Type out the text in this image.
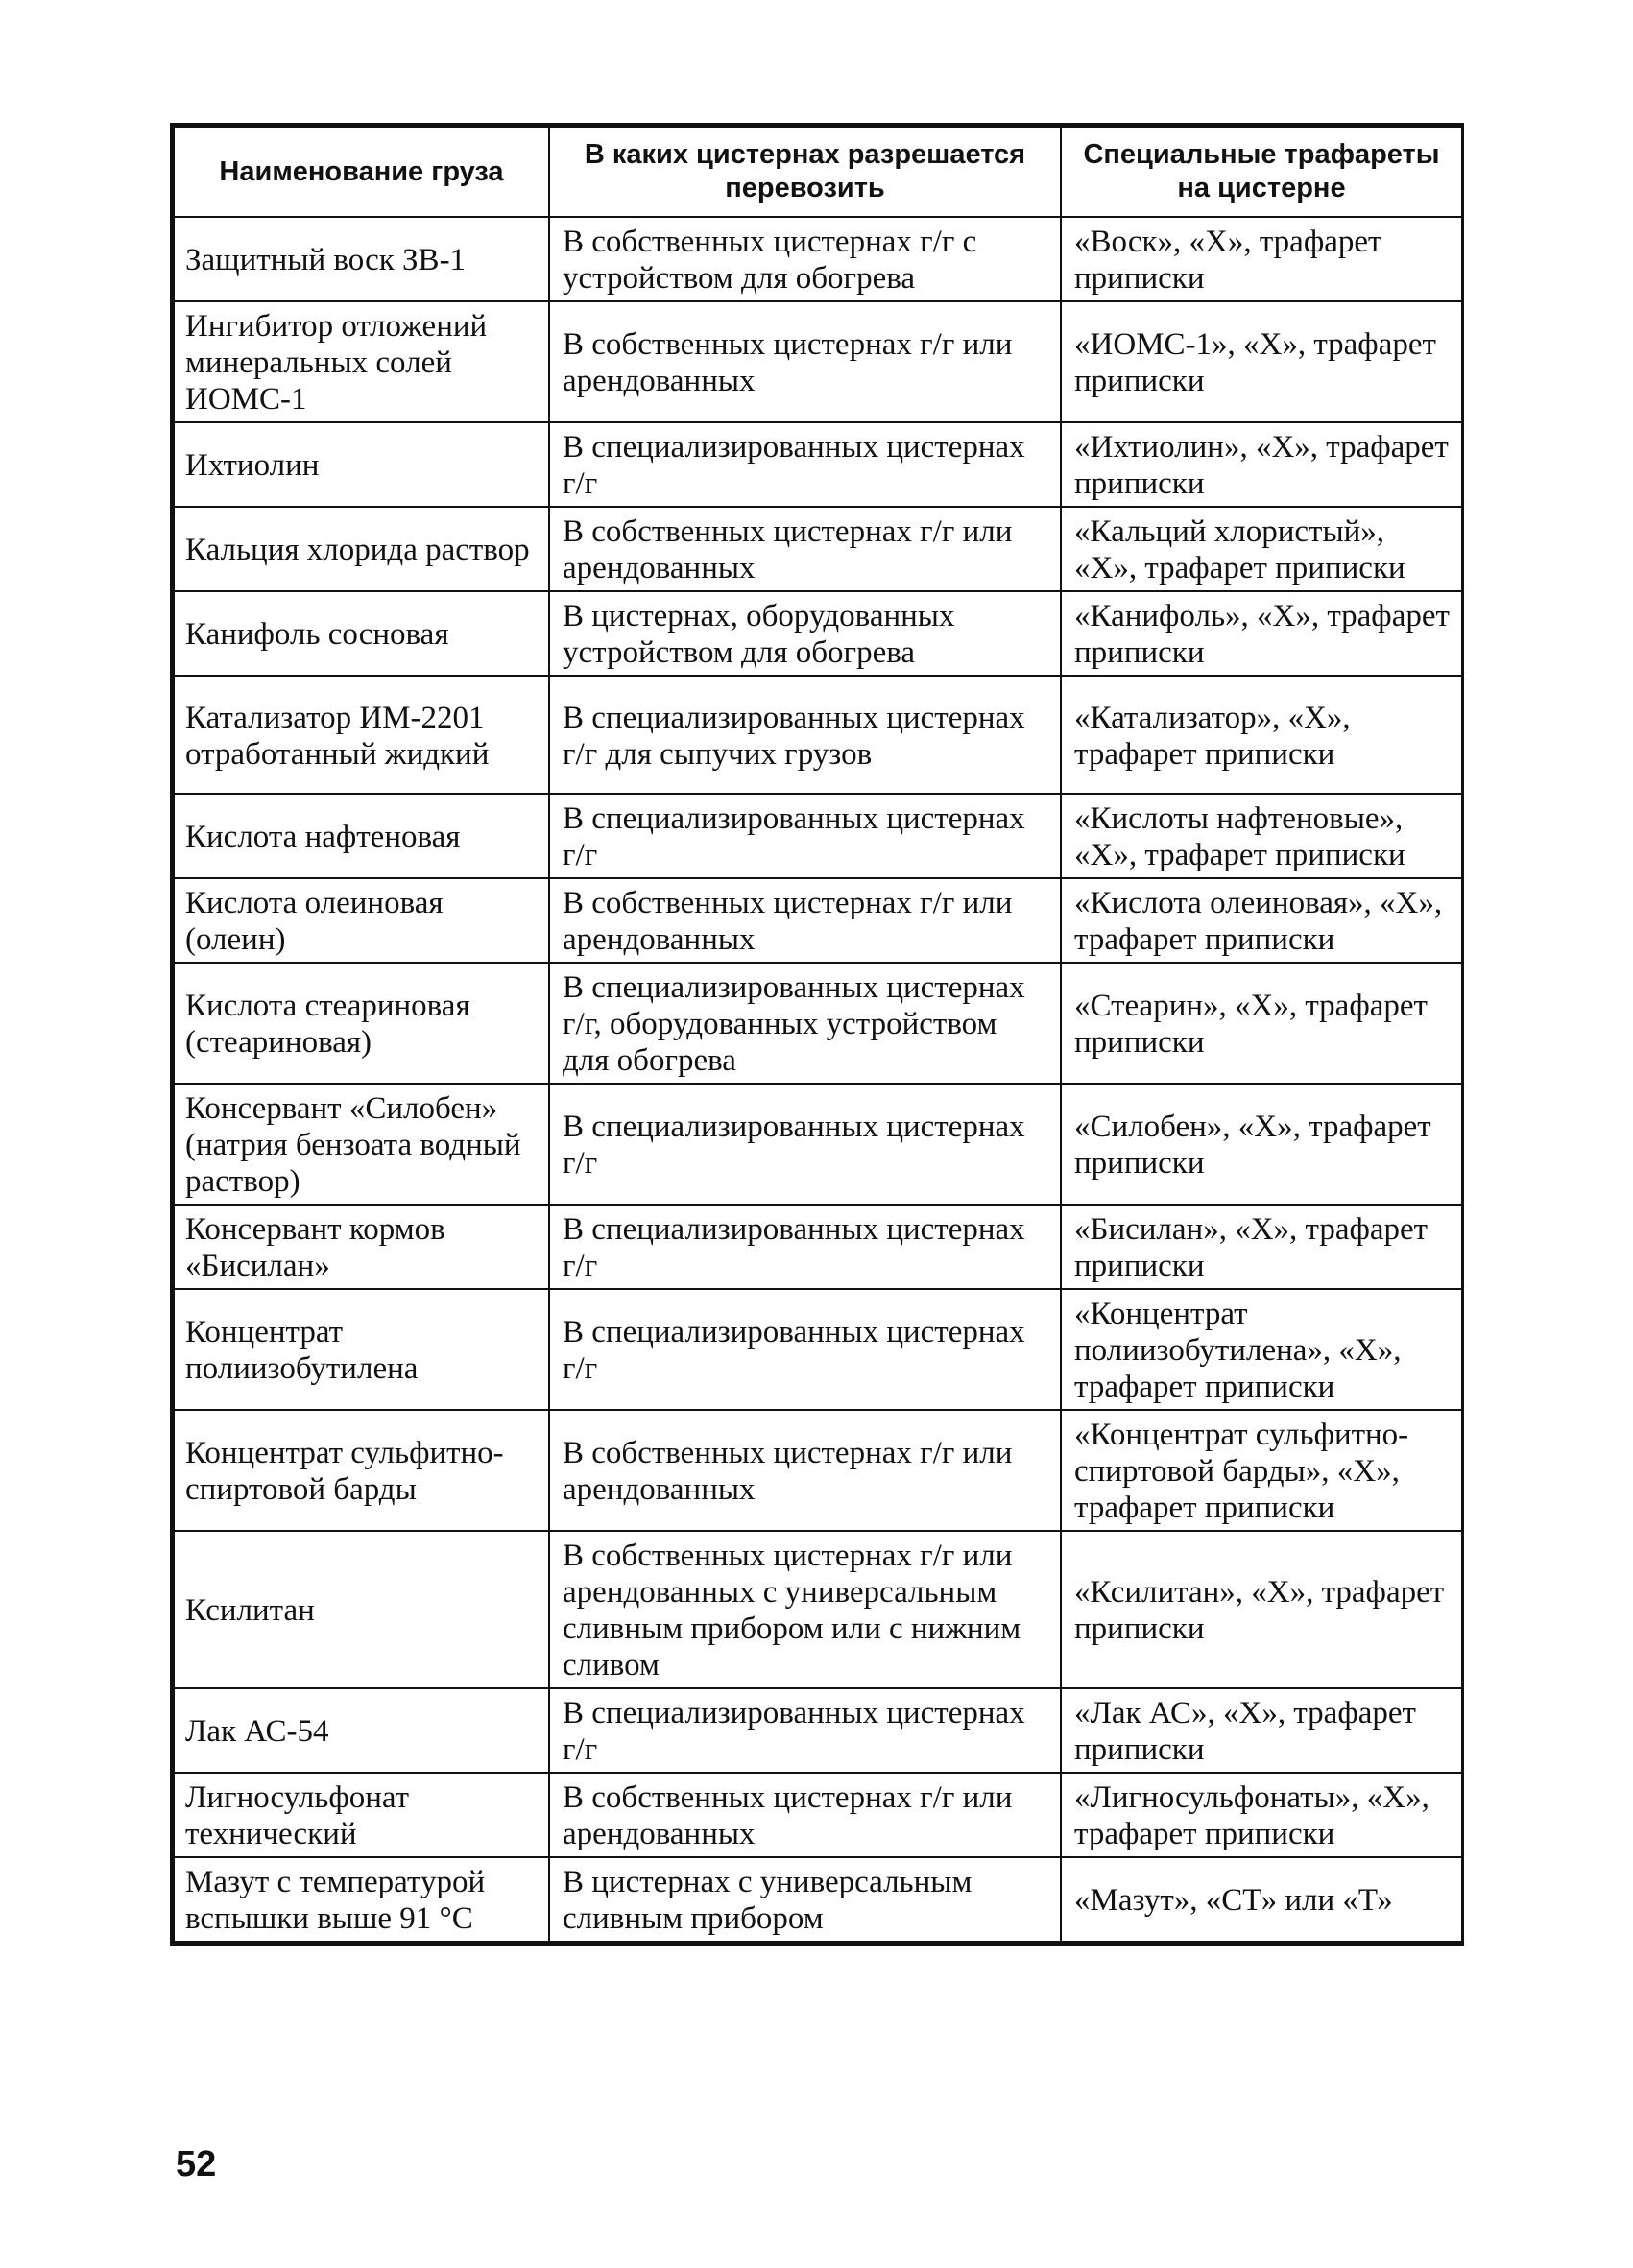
Наименование груза	В каких цистернах разрешается перевозить	Специальные трафареты на цистерне
Защитный воск ЗВ-1	В собственных цистернах г/г с устройством для обогрева	«Воск», «Х», трафарет приписки
Ингибитор отложений минеральных солей ИОМС-1	В собственных цистернах г/г или арендованных	«ИОМС-1», «Х», трафарет приписки
Ихтиолин	В специализированных цистернах г/г	«Ихтиолин», «Х», трафарет приписки
Кальция хлорида раствор	В собственных цистернах г/г или арендованных	«Кальций хлористый», «Х», трафарет приписки
Канифоль сосновая	В цистернах, оборудованных устройством для обогрева	«Канифоль», «Х», трафарет приписки
Катализатор ИМ-2201 отработанный жидкий	В специализированных цистернах г/г для сыпучих грузов	«Катализатор», «Х», трафарет приписки
Кислота нафтеновая	В специализированных цистернах г/г	«Кислоты нафтеновые», «Х», трафарет приписки
Кислота олеиновая (олеин)	В собственных цистернах г/г или арендованных	«Кислота олеиновая», «Х», трафарет приписки
Кислота стеариновая (стеариновая)	В специализированных цистернах г/г, оборудованных устройством для обогрева	«Стеарин», «Х», трафарет приписки
Консервант «Силобен» (натрия бензоата водный раствор)	В специализированных цистернах г/г	«Силобен», «Х», трафарет приписки
Консервант кормов «Бисилан»	В специализированных цистернах г/г	«Бисилан», «Х», трафарет приписки
Концентрат полиизобутилена	В специализированных цистернах г/г	«Концентрат полиизобутилена», «Х», трафарет приписки
Концентрат сульфитно-спиртовой барды	В собственных цистернах г/г или арендованных	«Концентрат сульфитно-спиртовой барды», «Х», трафарет приписки
Ксилитан	В собственных цистернах г/г или арендованных с универсальным сливным прибором или с нижним сливом	«Ксилитан», «Х», трафарет приписки
Лак АС-54	В специализированных цистернах г/г	«Лак АС», «Х», трафарет приписки
Лигносульфонат технический	В собственных цистернах г/г или арендованных	«Лигносульфонаты», «Х», трафарет приписки
Мазут с температурой вспышки выше 91 °С	В цистернах с универсальным сливным прибором	«Мазут», «СТ» или «Т»
52
